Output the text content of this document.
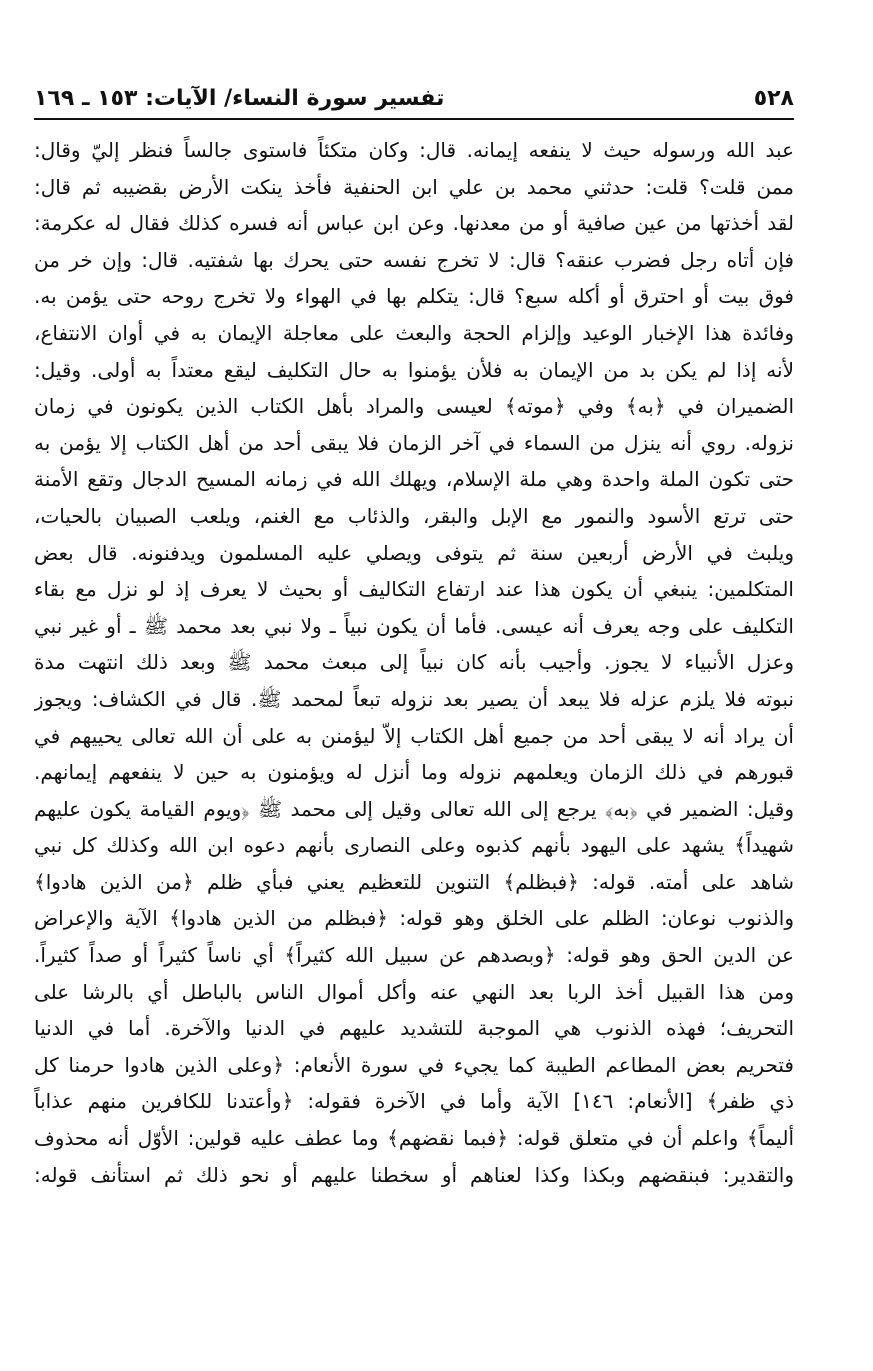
٥٢٨
تفسير سورة النساء/ الآيات: ١٥٣ ـ ١٦٩
عبد الله ورسوله حيث لا ينفعه إيمانه. قال: وكان متكئاً فاستوى جالساً فنظر إليّ وقال:
ممن قلت؟ قلت: حدثني محمد بن علي ابن الحنفية فأخذ ينكت الأرض بقضيبه ثم قال:
لقد أخذتها من عين صافية أو من معدنها. وعن ابن عباس أنه فسره كذلك فقال له عكرمة:
فإن أتاه رجل فضرب عنقه؟ قال: لا تخرج نفسه حتى يحرك بها شفتيه. قال: وإن خر من
فوق بيت أو احترق أو أكله سبع؟ قال: يتكلم بها في الهواء ولا تخرج روحه حتى يؤمن به.
وفائدة هذا الإخبار الوعيد وإلزام الحجة والبعث على معاجلة الإيمان به في أوان الانتفاع،
لأنه إذا لم يكن بد من الإيمان به فلأن يؤمنوا به حال التكليف ليقع معتداً به أولى. وقيل:
الضميران في ﴿به﴾ وفي ﴿موته﴾ لعيسى والمراد بأهل الكتاب الذين يكونون في زمان
نزوله. روي أنه ينزل من السماء في آخر الزمان فلا يبقى أحد من أهل الكتاب إلا يؤمن به
حتى تكون الملة واحدة وهي ملة الإسلام، ويهلك الله في زمانه المسيح الدجال وتقع الأمنة
حتى ترتع الأسود والنمور مع الإبل والبقر، والذئاب مع الغنم، ويلعب الصبيان بالحيات،
ويلبث في الأرض أربعين سنة ثم يتوفى ويصلي عليه المسلمون ويدفنونه. قال بعض
المتكلمين: ينبغي أن يكون هذا عند ارتفاع التكاليف أو بحيث لا يعرف إذ لو نزل مع بقاء
التكليف على وجه يعرف أنه عيسى. فأما أن يكون نبياً ـ ولا نبي بعد محمد ﷺ ـ أو غير نبي
وعزل الأنبياء لا يجوز. وأجيب بأنه كان نبياً إلى مبعث محمد ﷺ وبعد ذلك انتهت مدة
نبوته فلا يلزم عزله فلا يبعد أن يصير بعد نزوله تبعاً لمحمد ﷺ. قال في الكشاف: ويجوز
أن يراد أنه لا يبقى أحد من جميع أهل الكتاب إلاّ ليؤمنن به على أن الله تعالى يحييهم في
قبورهم في ذلك الزمان ويعلمهم نزوله وما أنزل له ويؤمنون به حين لا ينفعهم إيمانهم.
وقيل: الضمير في ﴿به﴾ يرجع إلى الله تعالى وقيل إلى محمد ﷺ ﴿ويوم القيامة يكون عليهم
شهيداً﴾ يشهد على اليهود بأنهم كذبوه وعلى النصارى بأنهم دعوه ابن الله وكذلك كل نبي
شاهد على أمته. قوله: ﴿فبظلم﴾ التنوين للتعظيم يعني فبأي ظلم ﴿من الذين هادوا﴾
والذنوب نوعان: الظلم على الخلق وهو قوله: ﴿فبظلم من الذين هادوا﴾ الآية والإعراض
عن الدين الحق وهو قوله: ﴿وبصدهم عن سبيل الله كثيراً﴾ أي ناساً كثيراً أو صداً كثيراً.
ومن هذا القبيل أخذ الربا بعد النهي عنه وأكل أموال الناس بالباطل أي بالرشا على
التحريف؛ فهذه الذنوب هي الموجبة للتشديد عليهم في الدنيا والآخرة. أما في الدنيا
فتحريم بعض المطاعم الطيبة كما يجيء في سورة الأنعام: ﴿وعلى الذين هادوا حرمنا كل
ذي ظفر﴾ [الأنعام: ١٤٦] الآية وأما في الآخرة فقوله: ﴿وأعتدنا للكافرين منهم عذاباً
أليماً﴾ واعلم أن في متعلق قوله: ﴿فبما نقضهم﴾ وما عطف عليه قولين: الأوّل أنه محذوف
والتقدير: فبنقضهم وبكذا وكذا لعناهم أو سخطنا عليهم أو نحو ذلك ثم استأنف قوله:
